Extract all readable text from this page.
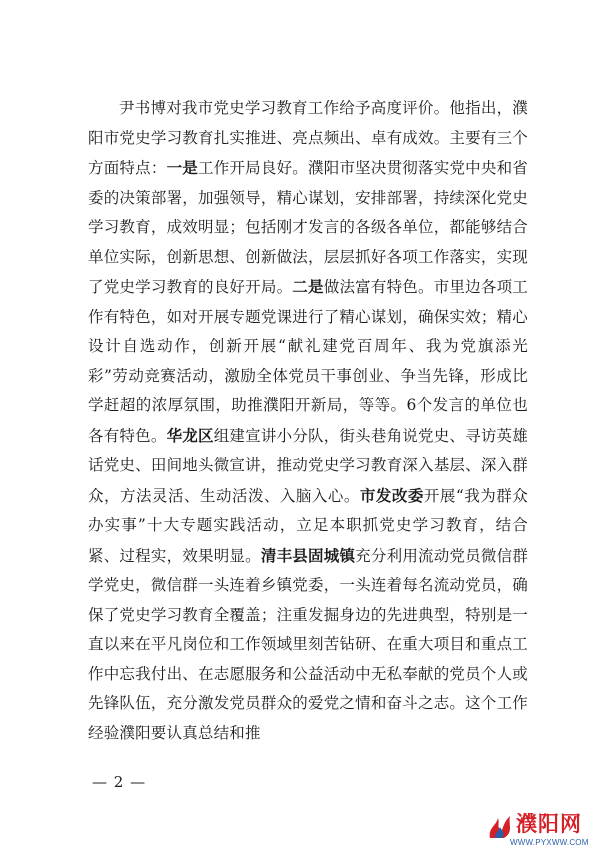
尹书博对我市党史学习教育工作给予高度评价。他指出，濮阳市党史学习教育扎实推进、亮点频出、卓有成效。主要有三个方面特点：一是工作开局良好。濮阳市坚决贯彻落实党中央和省委的决策部署，加强领导，精心谋划，安排部署，持续深化党史学习教育，成效明显；包括刚才发言的各级各单位，都能够结合单位实际，创新思想、创新做法，层层抓好各项工作落实，实现了党史学习教育的良好开局。二是做法富有特色。市里边各项工作有特色，如对开展专题党课进行了精心谋划，确保实效；精心设计自选动作，创新开展“献礼建党百周年、我为党旗添光彩”劳动竞赛活动，激励全体党员干事创业、争当先锋，形成比学赶超的浓厚氛围，助推濮阳开新局，等等。6个发言的单位也各有特色。华龙区组建宣讲小分队，街头巷角说党史、寻访英雄话党史、田间地头微宣讲，推动党史学习教育深入基层、深入群众，方法灵活、生动活泼、入脑入心。市发改委开展“我为群众办实事”十大专题实践活动，立足本职抓党史学习教育，结合紧、过程实，效果明显。清丰县固城镇充分利用流动党员微信群学党史，微信群一头连着乡镇党委，一头连着每名流动党员，确保了党史学习教育全覆盖；注重发掘身边的先进典型，特别是一直以来在平凡岗位和工作领域里刻苦钻研、在重大项目和重点工作中忘我付出、在志愿服务和公益活动中无私奉献的党员个人或先锋队伍，充分激发党员群众的爱党之情和奋斗之志。这个工作经验濮阳要认真总结和推

— 2 —
濮阳网
WWW.PYXWW.COM
